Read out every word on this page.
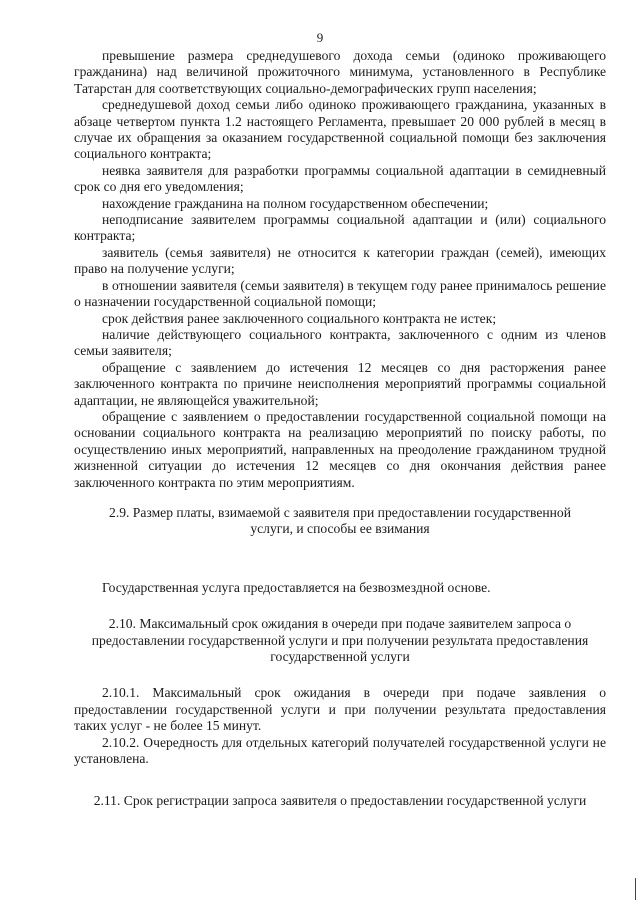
9

превышение размера среднедушевого дохода семьи (одиноко проживающего гражданина) над величиной прожиточного минимума, установленного в Республике Татарстан для соответствующих социально-демографических групп населения;

среднедушевой доход семьи либо одиноко проживающего гражданина, указанных в абзаце четвертом пункта 1.2 настоящего Регламента, превышает 20 000 рублей в месяц в случае их обращения за оказанием государственной социальной помощи без заключения социального контракта;

неявка заявителя для разработки программы социальной адаптации в семидневный срок со дня его уведомления;

нахождение гражданина на полном государственном обеспечении;

неподписание заявителем программы социальной адаптации и (или) социального контракта;

заявитель (семья заявителя) не относится к категории граждан (семей), имеющих право на получение услуги;

в отношении заявителя (семьи заявителя) в текущем году ранее принималось решение о назначении государственной социальной помощи;

срок действия ранее заключенного социального контракта не истек;

наличие действующего социального контракта, заключенного с одним из членов семьи заявителя;

обращение с заявлением до истечения 12 месяцев со дня расторжения ранее заключенного контракта по причине неисполнения мероприятий программы социальной адаптации, не являющейся уважительной;

обращение с заявлением о предоставлении государственной социальной помощи на основании социального контракта на реализацию мероприятий по поиску работы, по осуществлению иных мероприятий, направленных на преодоление гражданином трудной жизненной ситуации до истечения 12 месяцев со дня окончания действия ранее заключенного контракта по этим мероприятиям.

2.9. Размер платы, взимаемой с заявителя при предоставлении государственной услуги, и способы ее взимания

Государственная услуга предоставляется на безвозмездной основе.

2.10. Максимальный срок ожидания в очереди при подаче заявителем запроса о предоставлении государственной услуги и при получении результата предоставления государственной услуги

2.10.1. Максимальный срок ожидания в очереди при подаче заявления о предоставлении государственной услуги и при получении результата предоставления таких услуг - не более 15 минут.

2.10.2. Очередность для отдельных категорий получателей государственной услуги не установлена.

2.11. Срок регистрации запроса заявителя о предоставлении государственной услуги
